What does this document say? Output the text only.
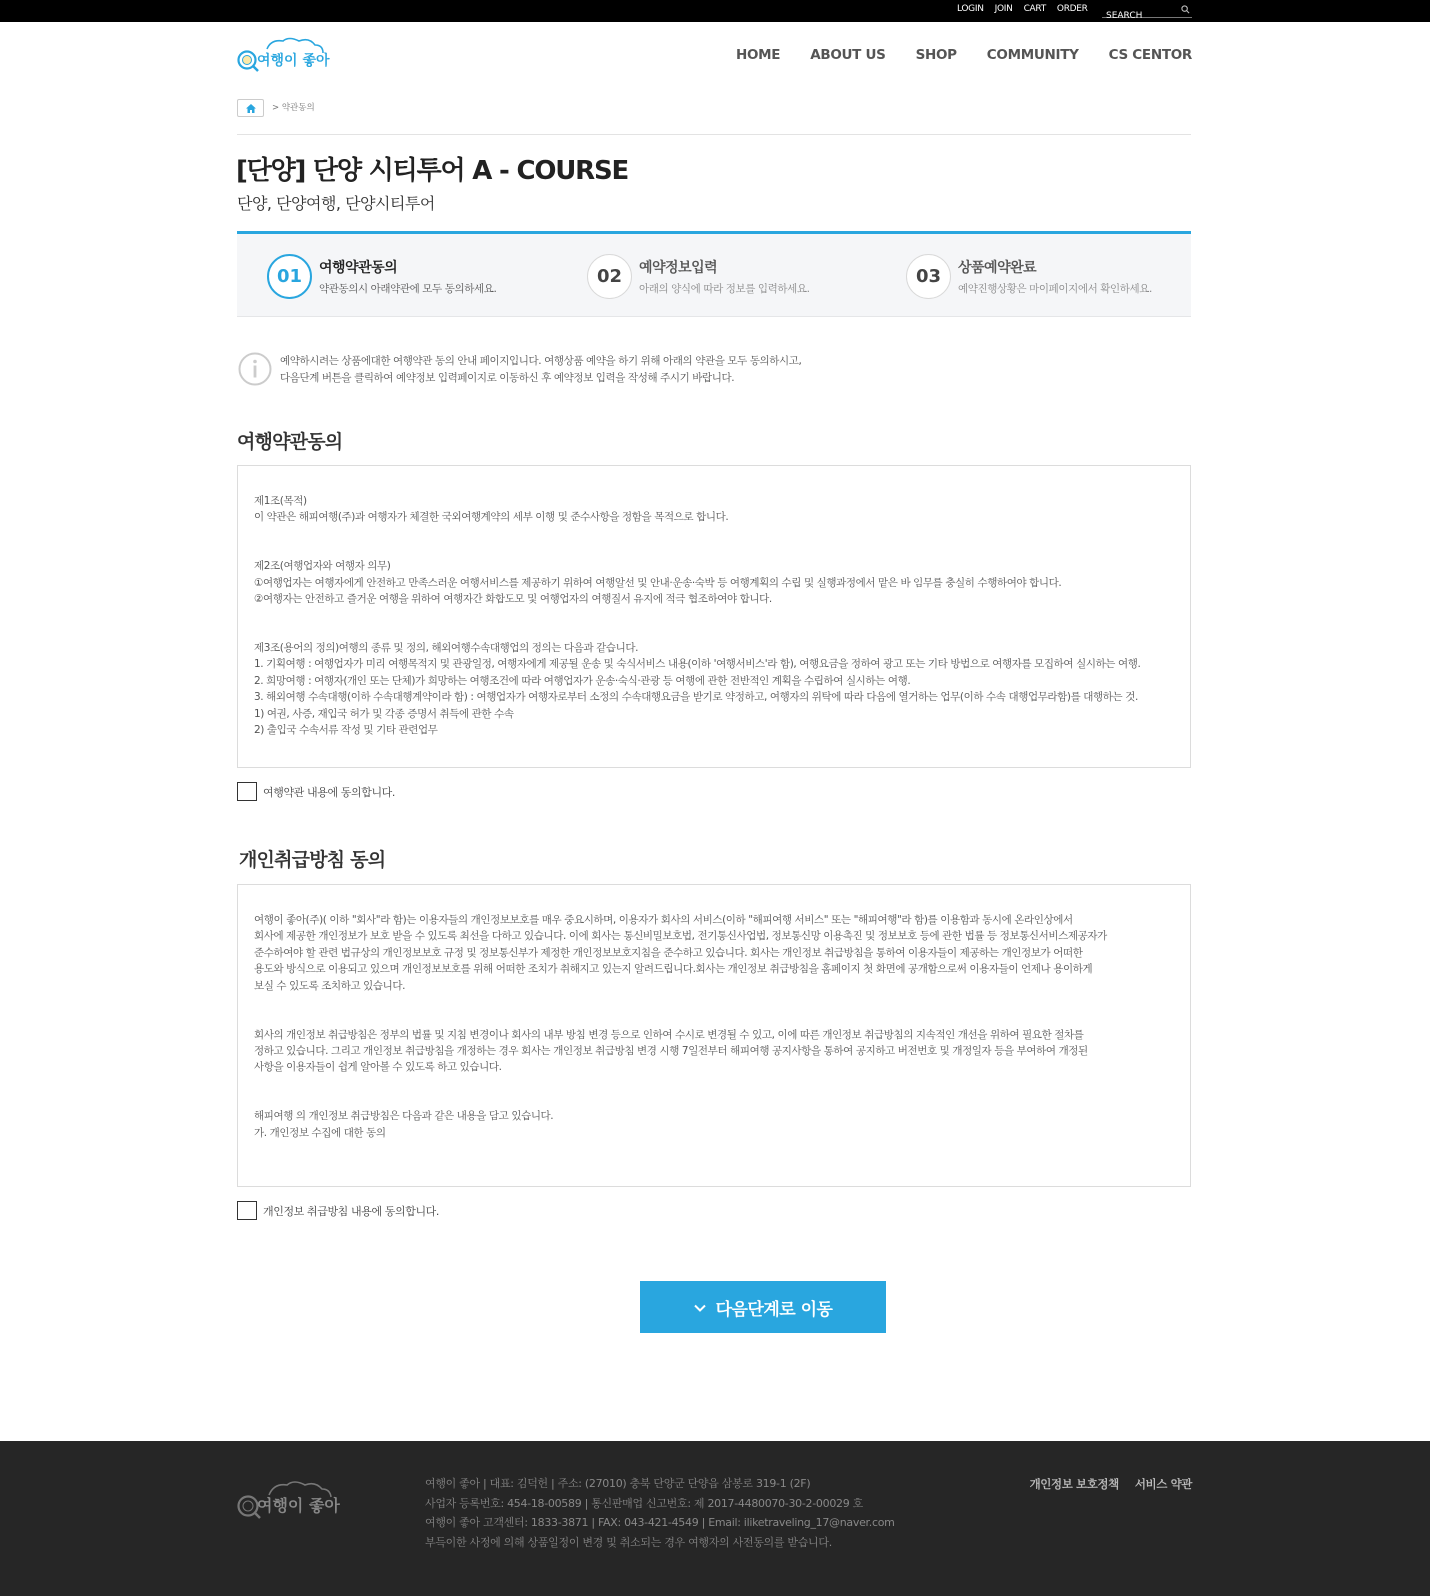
LOGIN JOIN CART ORDER
SEARCH
여행이 좋아	HOME ABOUT US SHOP COMMUNITY CS CENTOR
> 약관동의
[단양] 단양 시티투어 A - COURSE
단양, 단양여행, 단양시티투어
01	여행약관동의
약관동의시 아래약관에 모두 동의하세요.
02	예약정보입력
아래의 양식에 따라 정보를 입력하세요.
03	상품예약완료
예약진행상황은 마이페이지에서 확인하세요.
예약하시려는 상품에대한 여행약관 동의 안내 페이지입니다. 여행상품 예약을 하기 위해 아래의 약관을 모두 동의하시고,
다음단계 버튼을 클릭하여 예약정보 입력페이지로 이동하신 후 예약정보 입력을 작성해 주시기 바랍니다.
여행약관동의

제1조(목적)
이 약관은 해피여행(주)과 여행자가 체결한 국외여행계약의 세부 이행 및 준수사항을 정함을 목적으로 합니다.

제2조(여행업자와 여행자 의무)
①여행업자는 여행자에게 안전하고 만족스러운 여행서비스를 제공하기 위하여 여행알선 및 안내·운송·숙박 등 여행계획의 수립 및 실행과정에서 맡은 바 임무를 충실히 수행하여야 합니다.
②여행자는 안전하고 즐거운 여행을 위하여 여행자간 화합도모 및 여행업자의 여행질서 유지에 적극 협조하여야 합니다.

제3조(용어의 정의)여행의 종류 및 정의, 해외여행수속대행업의 정의는 다음과 같습니다.
1. 기획여행 : 여행업자가 미리 여행목적지 및 관광일정, 여행자에게 제공될 운송 및 숙식서비스 내용(이하 '여행서비스'라 함), 여행요금을 정하여 광고 또는 기타 방법으로 여행자를 모집하여 실시하는 여행.
2. 희망여행 : 여행자(개인 또는 단체)가 희망하는 여행조건에 따라 여행업자가 운송·숙식·관광 등 여행에 관한 전반적인 계획을 수립하여 실시하는 여행.
3. 해외여행 수속대행(이하 수속대행계약이라 함) : 여행업자가 여행자로부터 소정의 수속대행요금을 받기로 약정하고, 여행자의 위탁에 따라 다음에 열거하는 업무(이하 수속 대행업무라함)를 대행하는 것.
1) 여권, 사증, 재입국 허가 및 각종 증명서 취득에 관한 수속
2) 출입국 수속서류 작성 및 기타 관련업무

여행약관 내용에 동의합니다.
개인취급방침 동의

여행이 좋아(주)( 이하 "회사"라 함)는 이용자들의 개인정보보호를 매우 중요시하며, 이용자가 회사의 서비스(이하 "해피여행 서비스" 또는 "해피여행"라 함)를 이용함과 동시에 온라인상에서
회사에 제공한 개인정보가 보호 받을 수 있도록 최선을 다하고 있습니다. 이에 회사는 통신비밀보호법, 전기통신사업법, 정보통신망 이용촉진 및 정보보호 등에 관한 법률 등 정보통신서비스제공자가
준수하여야 할 관련 법규상의 개인정보보호 규정 및 정보통신부가 제정한 개인정보보호지침을 준수하고 있습니다. 회사는 개인정보 취급방침을 통하여 이용자들이 제공하는 개인정보가 어떠한
용도와 방식으로 이용되고 있으며 개인정보보호를 위해 어떠한 조치가 취해지고 있는지 알려드립니다.회사는 개인정보 취급방침을 홈페이지 첫 화면에 공개함으로써 이용자들이 언제나 용이하게
보실 수 있도록 조치하고 있습니다.

회사의 개인정보 취급방침은 정부의 법률 및 지침 변경이나 회사의 내부 방침 변경 등으로 인하여 수시로 변경될 수 있고, 이에 따른 개인정보 취급방침의 지속적인 개선을 위하여 필요한 절차를
정하고 있습니다. 그리고 개인정보 취급방침을 개정하는 경우 회사는 개인정보 취급방침 변경 시행 7일전부터 해피여행 공지사항을 통하여 공지하고 버전번호 및 개정일자 등을 부여하여 개정된
사항을 이용자들이 쉽게 알아볼 수 있도록 하고 있습니다.

해피여행 의 개인정보 취급방침은 다음과 같은 내용을 담고 있습니다.
가. 개인정보 수집에 대한 동의

개인정보 취급방침 내용에 동의합니다.
다음단계로 이동
여행이 좋아
여행이 좋아 | 대표: 김덕헌 | 주소: (27010) 충북 단양군 단양읍 삼봉로 319-1 (2F)
사업자 등록번호: 454-18-00589 | 통신판매업 신고번호: 제 2017-4480070-30-2-00029 호
여행이 좋아 고객센터: 1833-3871 | FAX: 043-421-4549 | Email: iliketraveling_17@naver.com
부득이한 사정에 의해 상품일정이 변경 및 취소되는 경우 여행자의 사전동의를 받습니다.
개인정보 보호정책 서비스 약관
